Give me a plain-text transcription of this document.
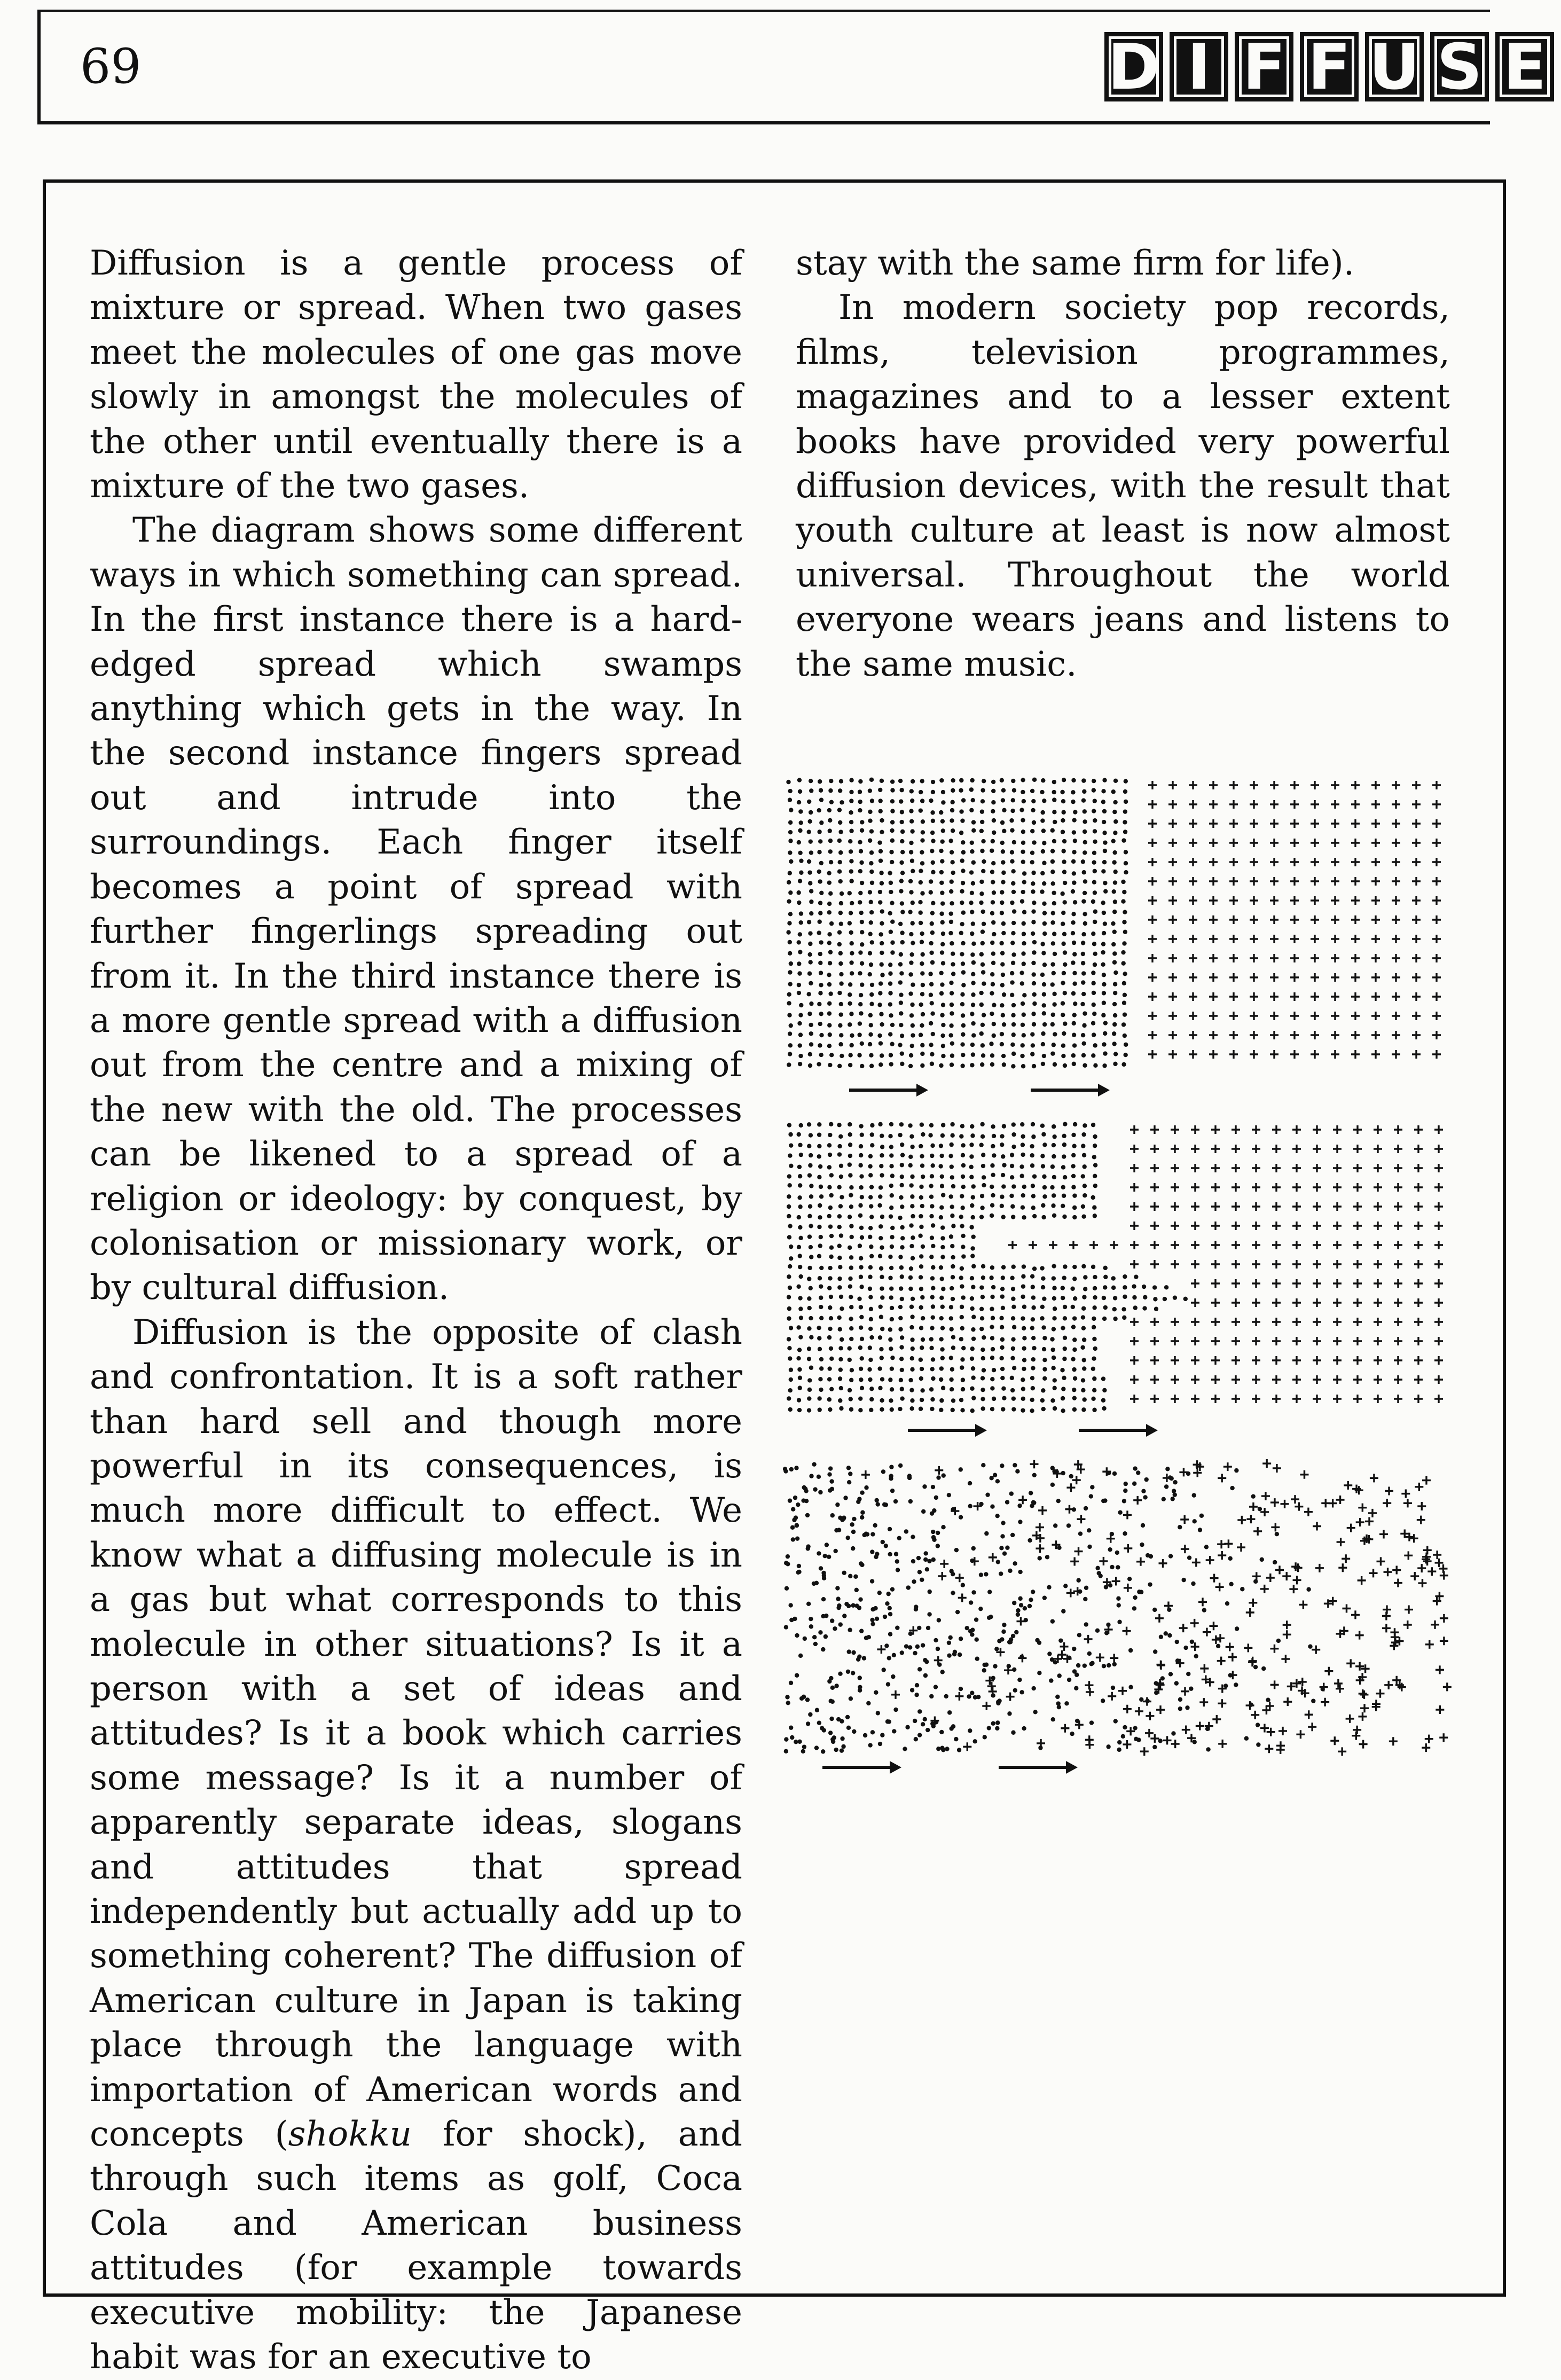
69	D I F F U S E

Diffusion is a gentle process of mixture or spread. When two gases meet the molecules of one gas move slowly in amongst the molecules of the other until eventually there is a mixture of the two gases.

The diagram shows some different ways in which something can spread. In the first instance there is a hard-edged spread which swamps anything which gets in the way. In the second instance fingers spread out and intrude into the surroundings. Each finger itself becomes a point of spread with further fingerlings spreading out from it. In the third instance there is a more gentle spread with a diffusion out from the centre and a mixing of the new with the old. The processes can be likened to a spread of a religion or ideology: by conquest, by colonisation or missionary work, or by cultural diffusion.

Diffusion is the opposite of clash and confrontation. It is a soft rather than hard sell and though more powerful in its consequences, is much more difficult to effect. We know what a diffusing molecule is in a gas but what corresponds to this molecule in other situations? Is it a person with a set of ideas and attitudes? Is it a book which carries some message? Is it a number of apparently separate ideas, slogans and attitudes that spread independently but actually add up to something coherent? The diffusion of American culture in Japan is taking place through the language with importation of American words and concepts (shokku for shock), and through such items as golf, Coca Cola and American business attitudes (for example towards executive mobility: the Japanese habit was for an executive to

stay with the same firm for life).

In modern society pop records, films, television programmes, magazines and to a lesser extent books have provided very powerful diffusion devices, with the result that youth culture at least is now almost universal. Throughout the world everyone wears jeans and listens to the same music.
